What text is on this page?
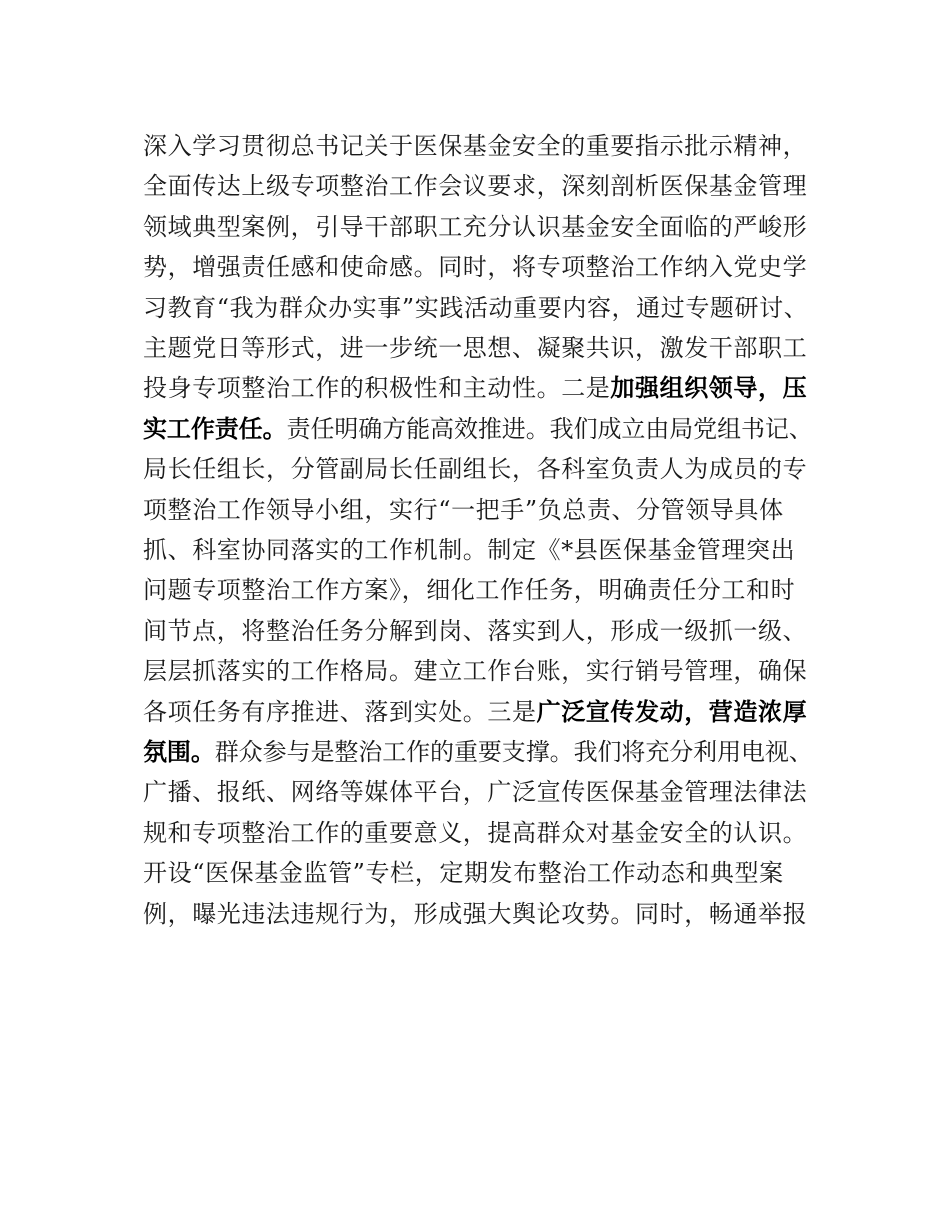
深入学习贯彻总书记关于医保基金安全的重要指示批示精神，
全面传达上级专项整治工作会议要求，深刻剖析医保基金管理
领域典型案例，引导干部职工充分认识基金安全面临的严峻形
势，增强责任感和使命感。同时，将专项整治工作纳入党史学
习教育“我为群众办实事”实践活动重要内容，通过专题研讨、
主题党日等形式，进一步统一思想、凝聚共识，激发干部职工
投身专项整治工作的积极性和主动性。二是加强组织领导，压
实工作责任。责任明确方能高效推进。我们成立由局党组书记、
局长任组长，分管副局长任副组长，各科室负责人为成员的专
项整治工作领导小组，实行“一把手”负总责、分管领导具体
抓、科室协同落实的工作机制。制定《*县医保基金管理突出
问题专项整治工作方案》，细化工作任务，明确责任分工和时
间节点，将整治任务分解到岗、落实到人，形成一级抓一级、
层层抓落实的工作格局。建立工作台账，实行销号管理，确保
各项任务有序推进、落到实处。三是广泛宣传发动，营造浓厚
氛围。群众参与是整治工作的重要支撑。我们将充分利用电视、
广播、报纸、网络等媒体平台，广泛宣传医保基金管理法律法
规和专项整治工作的重要意义，提高群众对基金安全的认识。
开设“医保基金监管”专栏，定期发布整治工作动态和典型案
例，曝光违法违规行为，形成强大舆论攻势。同时，畅通举报
